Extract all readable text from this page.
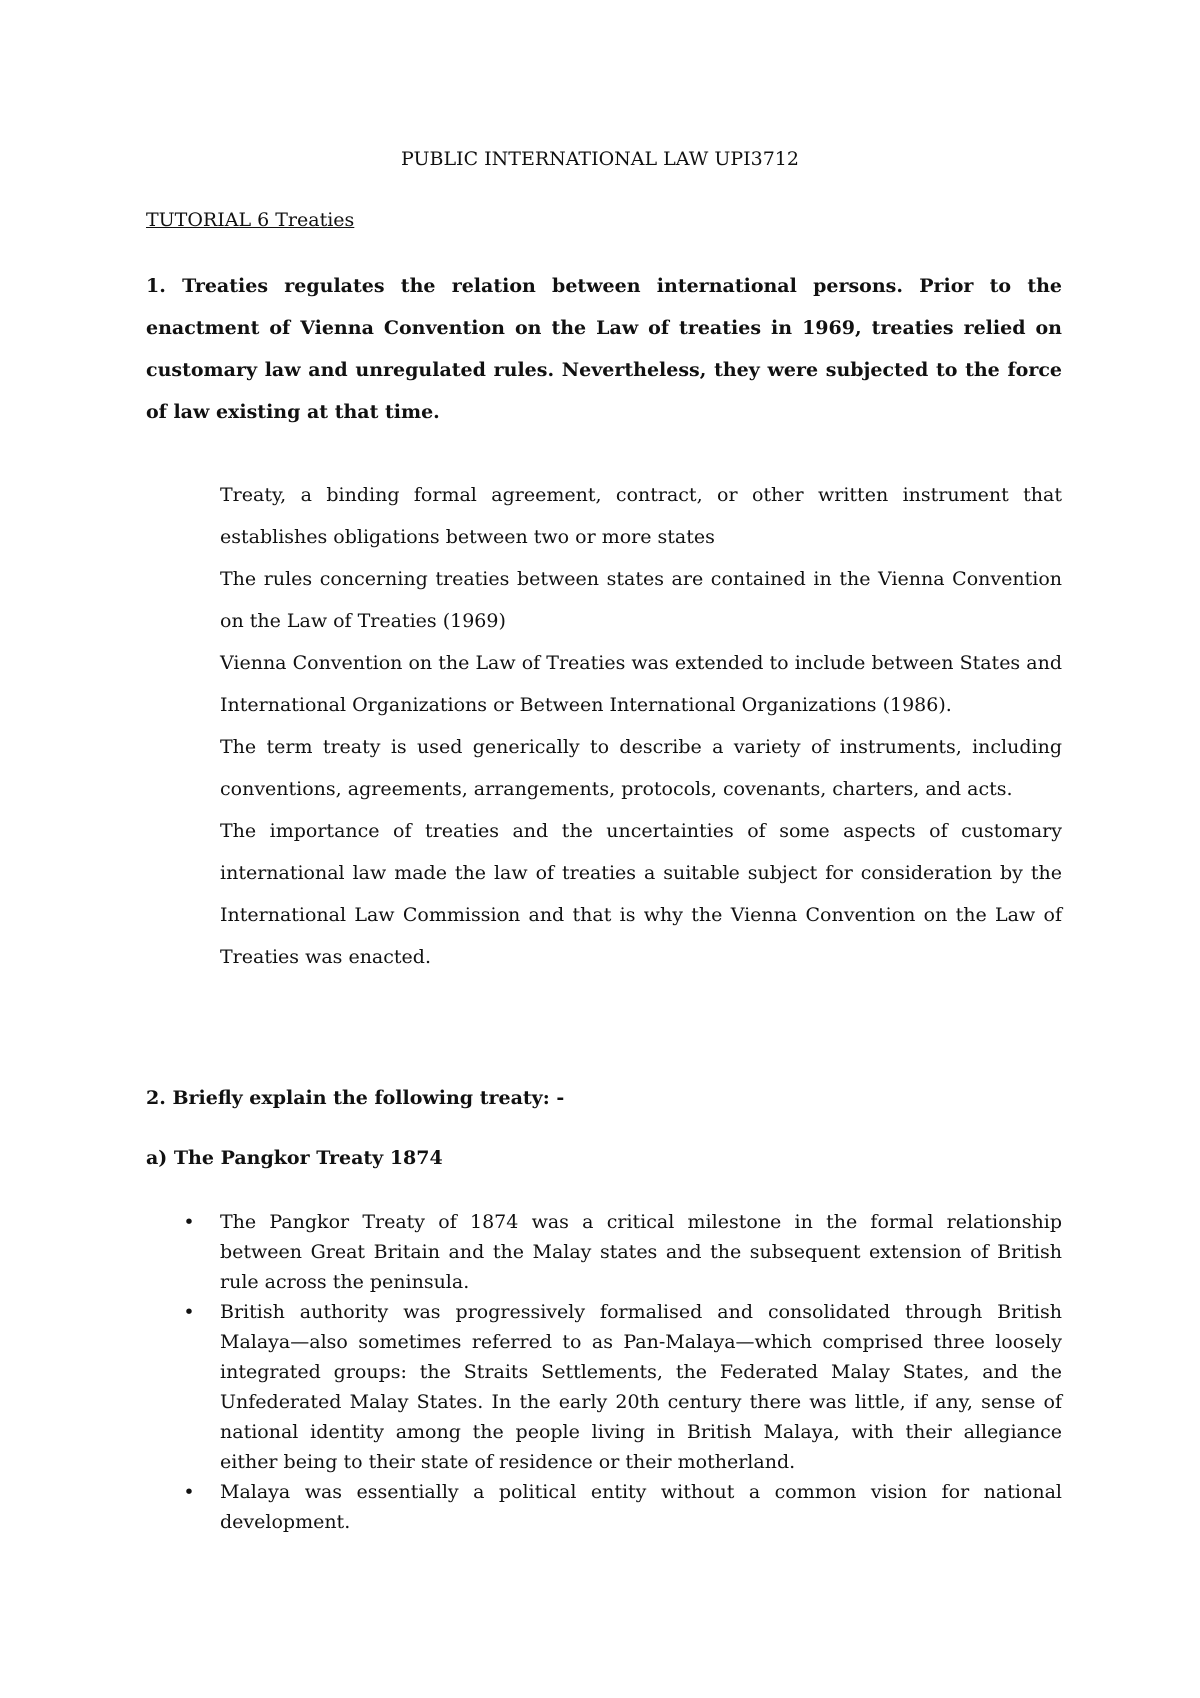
PUBLIC INTERNATIONAL LAW UPI3712
TUTORIAL 6 Treaties
1. Treaties regulates the relation between international persons. Prior to the enactment of Vienna Convention on the Law of treaties in 1969, treaties relied on customary law and unregulated rules. Nevertheless, they were subjected to the force of law existing at that time.
Treaty, a binding formal agreement, contract, or other written instrument that establishes obligations between two or more states
The rules concerning treaties between states are contained in the Vienna Convention on the Law of Treaties (1969)
Vienna Convention on the Law of Treaties was extended to include between States and International Organizations or Between International Organizations (1986).
The term treaty is used generically to describe a variety of instruments, including conventions, agreements, arrangements, protocols, covenants, charters, and acts.
The importance of treaties and the uncertainties of some aspects of customary international law made the law of treaties a suitable subject for consideration by the International Law Commission and that is why the Vienna Convention on the Law of Treaties was enacted.
2. Briefly explain the following treaty: -
a) The Pangkor Treaty 1874
• The Pangkor Treaty of 1874 was a critical milestone in the formal relationship between Great Britain and the Malay states and the subsequent extension of British rule across the peninsula.
• British authority was progressively formalised and consolidated through British Malaya—also sometimes referred to as Pan-Malaya—which comprised three loosely integrated groups: the Straits Settlements, the Federated Malay States, and the Unfederated Malay States. In the early 20th century there was little, if any, sense of national identity among the people living in British Malaya, with their allegiance either being to their state of residence or their motherland.
• Malaya was essentially a political entity without a common vision for national development.
